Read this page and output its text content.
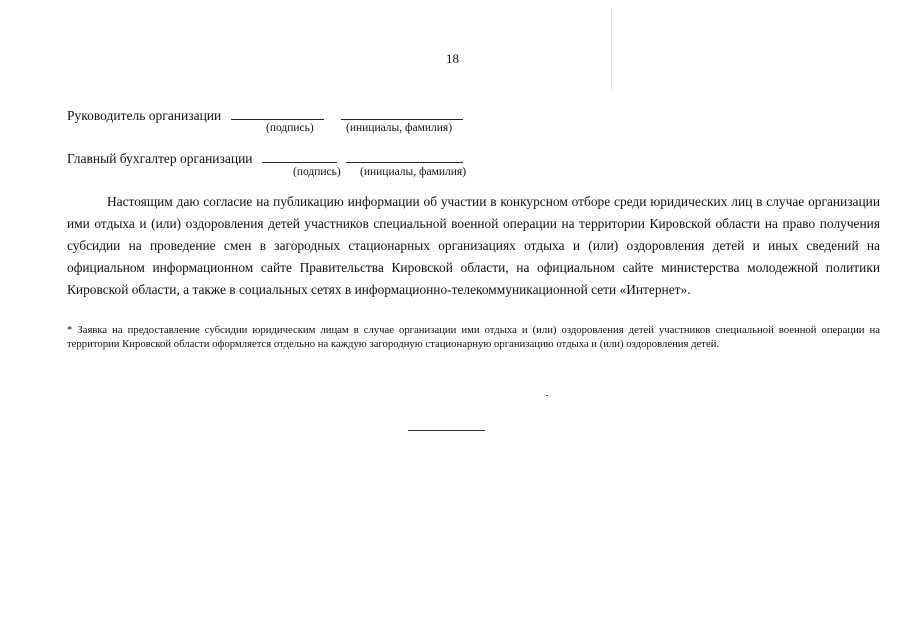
18
Руководитель организации
(подпись)	(инициалы, фамилия)
Главный бухгалтер организации
(подпись) (инициалы, фамилия)

Настоящим даю согласие на публикацию информации об участии в конкурсном отборе среди юридических лиц в случае организации ими отдыха и (или) оздоровления детей участников специальной военной операции на территории Кировской области на право получения субсидии на проведение смен в загородных стационарных организациях отдыха и (или) оздоровления детей и иных сведений на официальном информационном сайте Правительства Кировской области, на официальном сайте министерства молодежной политики Кировской области, а также в социальных сетях в информационно-телекоммуникационной сети «Интернет».

* Заявка на предоставление субсидии юридическим лицам в случае организации ими отдыха и (или) оздоровления детей участников специальной военной операции на территории Кировской области оформляется отдельно на каждую загородную стационарную организацию отдыха и (или) оздоровления детей.
